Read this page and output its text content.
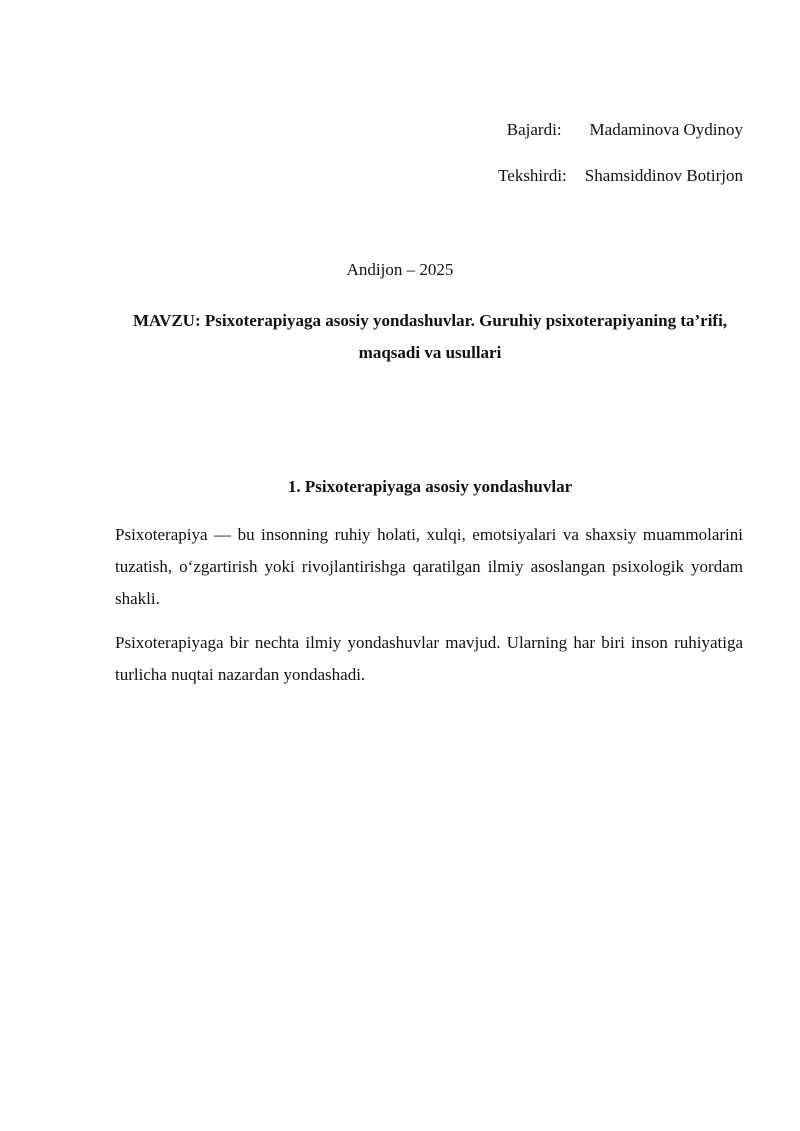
Bajardi: Madaminova Oydinoy
Tekshirdi: Shamsiddinov Botirjon
Andijon – 2025
MAVZU: Psixoterapiyaga asosiy yondashuvlar. Guruhiy psixoterapiyaning ta’rifi, maqsadi va usullari
1. Psixoterapiyaga asosiy yondashuvlar

Psixoterapiya — bu insonning ruhiy holati, xulqi, emotsiyalari va shaxsiy muammolarini tuzatish, o‘zgartirish yoki rivojlantirishga qaratilgan ilmiy asoslangan psixologik yordam shakli.

Psixoterapiyaga bir nechta ilmiy yondashuvlar mavjud. Ularning har biri inson ruhiyatiga turlicha nuqtai nazardan yondashadi.
